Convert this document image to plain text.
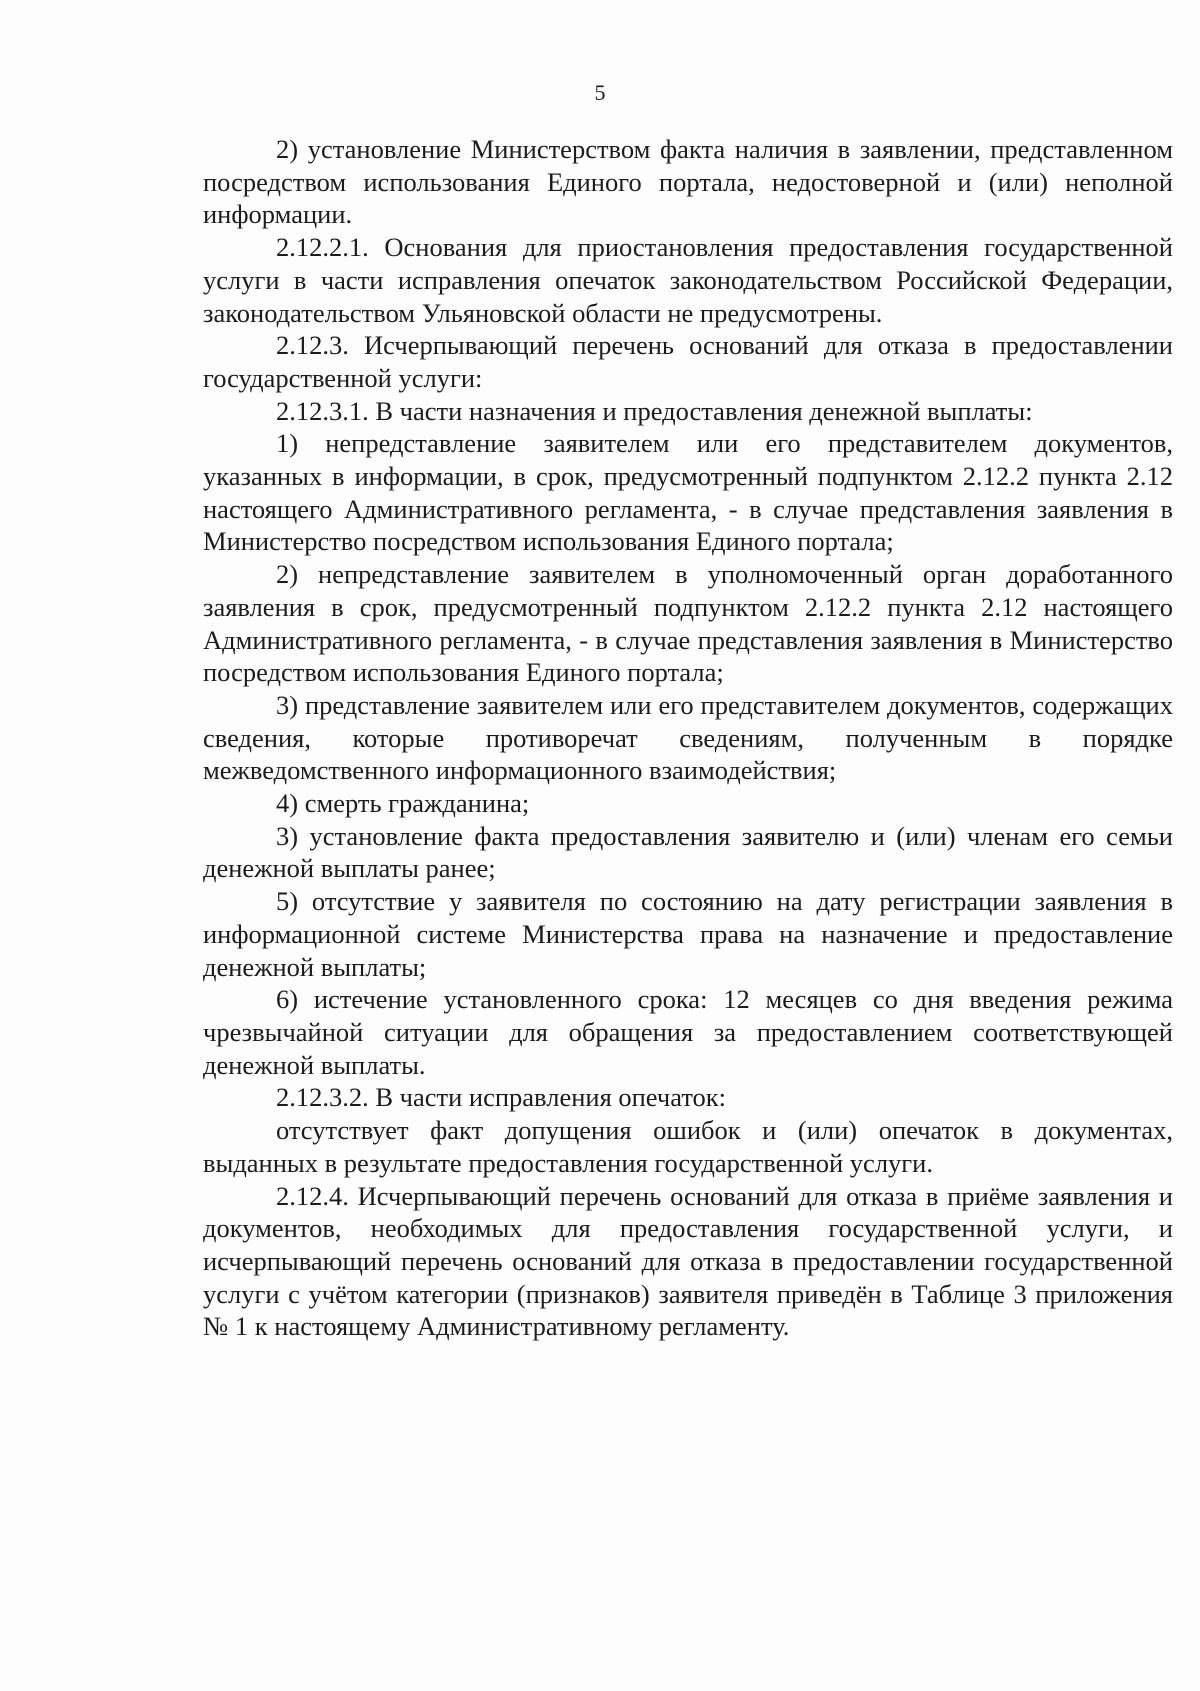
5

2) установление Министерством факта наличия в заявлении, представленном посредством использования Единого портала, недостоверной и (или) неполной информации.

2.12.2.1. Основания для приостановления предоставления государственной услуги в части исправления опечаток законодательством Российской Федерации, законодательством Ульяновской области не предусмотрены.

2.12.3. Исчерпывающий перечень оснований для отказа в предоставлении государственной услуги:

2.12.3.1. В части назначения и предоставления денежной выплаты:

1) непредставление заявителем или его представителем документов, указанных в информации, в срок, предусмотренный подпунктом 2.12.2 пункта 2.12 настоящего Административного регламента, - в случае представления заявления в Министерство посредством использования Единого портала;

2) непредставление заявителем в уполномоченный орган доработанного заявления в срок, предусмотренный подпунктом 2.12.2 пункта 2.12 настоящего Административного регламента, - в случае представления заявления в Министерство посредством использования Единого портала;

3) представление заявителем или его представителем документов, содержащих сведения, которые противоречат сведениям, полученным в порядке межведомственного информационного взаимодействия;

4) смерть гражданина;

3) установление факта предоставления заявителю и (или) членам его семьи денежной выплаты ранее;

5) отсутствие у заявителя по состоянию на дату регистрации заявления в информационной системе Министерства права на назначение и предоставление денежной выплаты;

6) истечение установленного срока: 12 месяцев со дня введения режима чрезвычайной ситуации для обращения за предоставлением соответствующей денежной выплаты.

2.12.3.2. В части исправления опечаток:

отсутствует факт допущения ошибок и (или) опечаток в документах, выданных в результате предоставления государственной услуги.

2.12.4. Исчерпывающий перечень оснований для отказа в приёме заявления и документов, необходимых для предоставления государственной услуги, и исчерпывающий перечень оснований для отказа в предоставлении государственной услуги с учётом категории (признаков) заявителя приведён в Таблице 3 приложения № 1 к настоящему Административному регламенту.
